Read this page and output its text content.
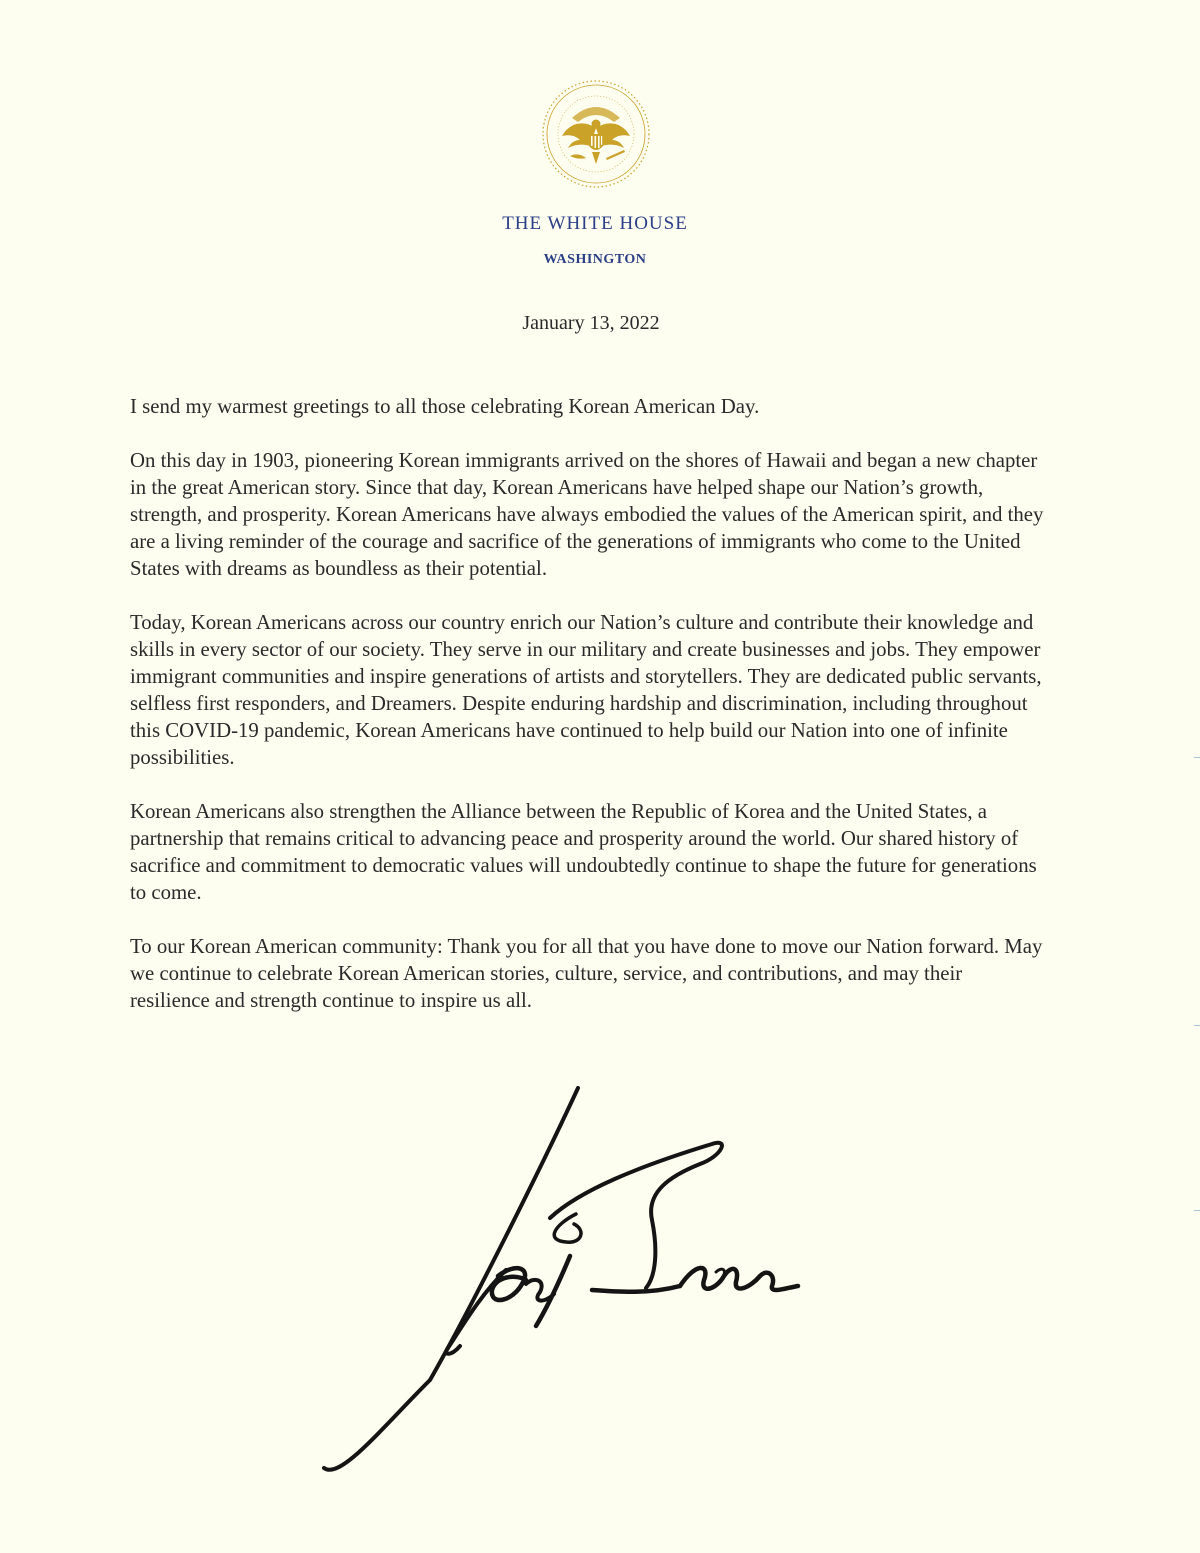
THE WHITE HOUSE
WASHINGTON
January 13, 2022

I send my warmest greetings to all those celebrating Korean American Day.

On this day in 1903, pioneering Korean immigrants arrived on the shores of Hawaii and began a new chapter in the great American story. Since that day, Korean Americans have helped shape our Nation’s growth, strength, and prosperity. Korean Americans have always embodied the values of the American spirit, and they are a living reminder of the courage and sacrifice of the generations of immigrants who come to the United States with dreams as boundless as their potential.

Today, Korean Americans across our country enrich our Nation’s culture and contribute their knowledge and skills in every sector of our society. They serve in our military and create businesses and jobs. They empower immigrant communities and inspire generations of artists and storytellers. They are dedicated public servants, selfless first responders, and Dreamers. Despite enduring hardship and discrimination, including throughout this COVID-19 pandemic, Korean Americans have continued to help build our Nation into one of infinite possibilities.

Korean Americans also strengthen the Alliance between the Republic of Korea and the United States, a partnership that remains critical to advancing peace and prosperity around the world. Our shared history of sacrifice and commitment to democratic values will undoubtedly continue to shape the future for generations to come.

To our Korean American community: Thank you for all that you have done to move our Nation forward. May we continue to celebrate Korean American stories, culture, service, and contributions, and may their resilience and strength continue to inspire us all.
